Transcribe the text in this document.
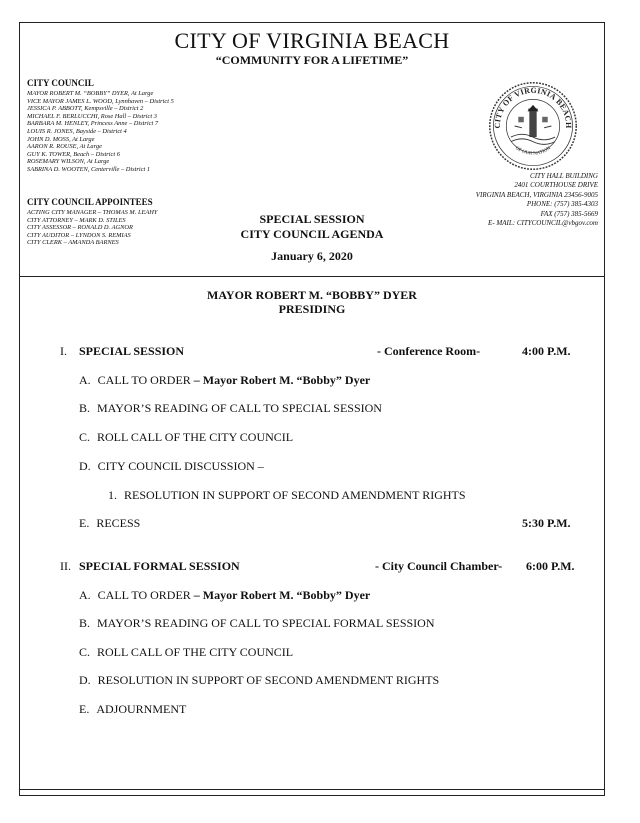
CITY OF VIRGINIA BEACH
“COMMUNITY FOR A LIFETIME”
CITY COUNCIL
MAYOR ROBERT M. “BOBBY” DYER, At Large
VICE MAYOR JAMES L. WOOD, Lynnhaven – District 5
JESSICA P. ABBOTT, Kempsville – District 2
MICHAEL F. BERLUCCHI, Rose Hall – District 3
BARBARA M. HENLEY, Princess Anne – District 7
LOUIS R. JONES, Bayside – District 4
JOHN D. MOSS, At Large
AARON R. ROUSE, At Large
GUY K. TOWER, Beach – District 6
ROSEMARY WILSON, At Large
SABRINA D. WOOTEN, Centerville – District 1
CITY COUNCIL APPOINTEES
ACTING CITY MANAGER – THOMAS M. LEAHY
CITY ATTORNEY – MARK D. STILES
CITY ASSESSOR – RONALD D. AGNOR
CITY AUDITOR – LYNDON S. REMIAS
CITY CLERK – AMANDA BARNES
CITY OF VIRGINIA BEACH
OF OUR NATION
CITY HALL BUILDING
2401 COURTHOUSE DRIVE
VIRGINIA BEACH, VIRGINIA 23456-9005
PHONE: (757) 385-4303
FAX (757) 385-5669
E- MAIL: CITYCOUNCIL@vbgov.com
SPECIAL SESSION
CITY COUNCIL AGENDA
January 6, 2020
MAYOR ROBERT M. “BOBBY” DYER
PRESIDING
I. SPECIAL SESSION	- Conference Room-	4:00 P.M.
A. CALL TO ORDER – Mayor Robert M. “Bobby” Dyer
B. MAYOR’S READING OF CALL TO SPECIAL SESSION
C. ROLL CALL OF THE CITY COUNCIL
D. CITY COUNCIL DISCUSSION –
1. RESOLUTION IN SUPPORT OF SECOND AMENDMENT RIGHTS
E. RECESS	5:30 P.M.
II. SPECIAL FORMAL SESSION	- City Council Chamber- 6:00 P.M.
A. CALL TO ORDER – Mayor Robert M. “Bobby” Dyer
B. MAYOR’S READING OF CALL TO SPECIAL FORMAL SESSION
C. ROLL CALL OF THE CITY COUNCIL
D. RESOLUTION IN SUPPORT OF SECOND AMENDMENT RIGHTS
E. ADJOURNMENT
